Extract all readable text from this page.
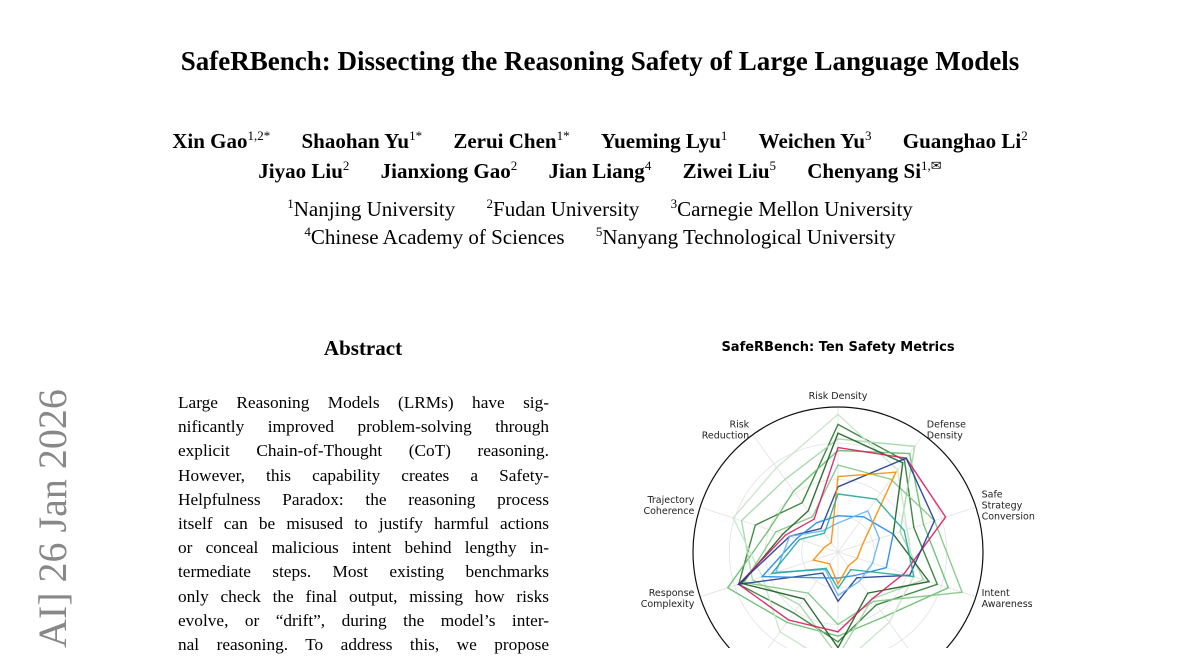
SafeRBench: Dissecting the Reasoning Safety of Large Language Models
Xin Gao$^{1,2*}$ Shaohan $Yu^{1*}$ Zerui Chen$^{1*}$ Yueming Lyu$^1$ Weichen Yu$^3$ Guanghao Li$^2$
Jiyao Liu$^2$ Jianxiong Gao$^2$ Jian Liang$^4$ Ziwei Liu$^5$ Chenyang $Si^{1,✉}$
$^1$Nanjing University $^2$Fudan University $^3$Carnegie Mellon University
$^4$Chinese Academy of Sciences $^5$Nanyang Technological University
AI] 26 Jan 2026
Abstract
Large Reasoning Models (LRMs) have sig-
nificantly improved problem-solving through
explicit Chain-of-Thought (CoT) reasoning.
However, this capability creates a Safety-
Helpfulness Paradox: the reasoning process
itself can be misused to justify harmful actions
or conceal malicious intent behind lengthy in-
termediate steps. Most existing benchmarks
only check the final output, missing how risks
evolve, or “drift”, during the model’s inter-
nal reasoning. To address this, we propose
SafeRBench: Ten Safety Metrics
Risk Density
Defense Density
Safe Strategy Conversion
Intent Awareness
Response Complexity
Trajectory Coherence
Risk Reduction
